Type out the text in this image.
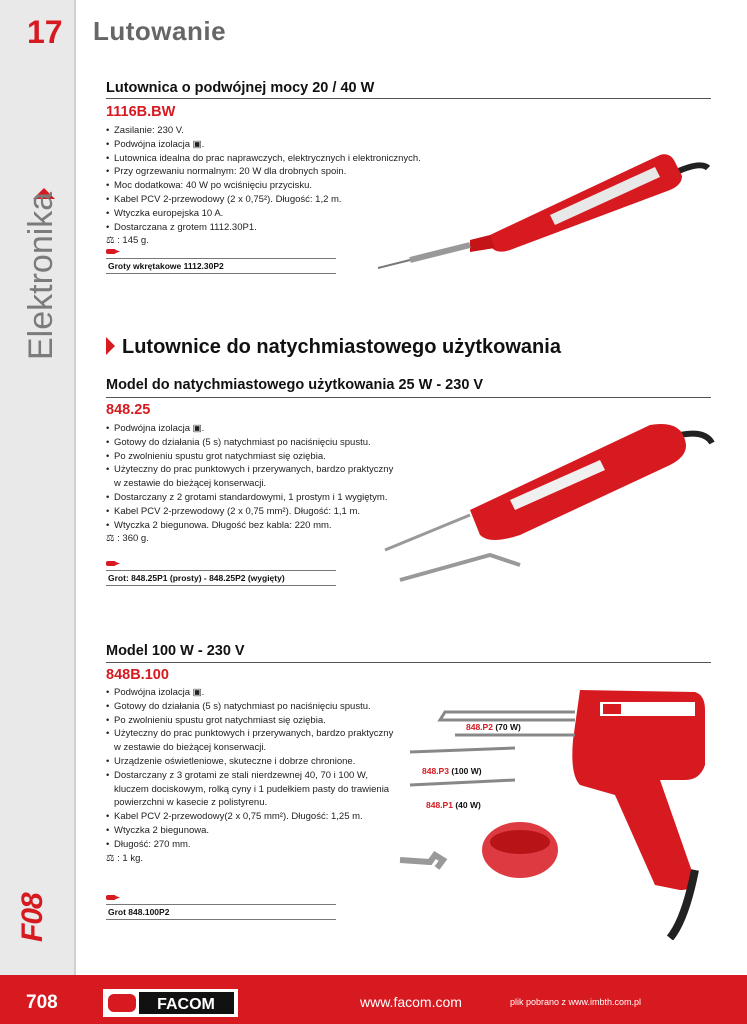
17 Lutowanie
Elektronika
F08
Lutownica o podwójnej mocy 20 / 40 W
1116B.BW
• Zasilanie: 230 V.
• Podwójna izolacja ▣.
• Lutownica idealna do prac naprawczych, elektrycznych i elektronicznych.
• Przy ogrzewaniu normalnym: 20 W dla drobnych spoin.
• Moc dodatkowa: 40 W po wciśnięciu przycisku.
• Kabel PCV 2-przewodowy (2 x 0,75²). Długość: 1,2 m.
• Wtyczka europejska 10 A.
• Dostarczana z grotem 1112.30P1.
⚖ : 145 g.
Groty wkrętakowe 1112.30P2
Lutownice do natychmiastowego użytkowania
Model do natychmiastowego użytkowania 25 W - 230 V
848.25
• Podwójna izolacja ▣.
• Gotowy do działania (5 s) natychmiast po naciśnięciu spustu.
• Po zwolnieniu spustu grot natychmiast się oziębia.
• Użyteczny do prac punktowych i przerywanych, bardzo praktyczny w zestawie do bieżącej konserwacji.
• Dostarczany z 2 grotami standardowymi, 1 prostym i 1 wygiętym.
• Kabel PCV 2-przewodowy (2 x 0,75 mm²). Długość: 1,1 m.
• Wtyczka 2 biegunowa. Długość bez kabla: 220 mm.
⚖ : 360 g.
Grot: 848.25P1 (prosty) - 848.25P2 (wygięty)
Model 100 W - 230 V
848B.100
• Podwójna izolacja ▣.
• Gotowy do działania (5 s) natychmiast po naciśnięciu spustu.
• Po zwolnieniu spustu grot natychmiast się oziębia.
• Użyteczny do prac punktowych i przerywanych, bardzo praktyczny w zestawie do bieżącej konserwacji.
• Urządzenie oświetleniowe, skuteczne i dobrze chronione.
• Dostarczany z 3 grotami ze stali nierdzewnej 40, 70 i 100 W, kluczem dociskowym, rolką cyny i 1 pudełkiem pasty do trawienia powierzchni w kasecie z polistyrenu.
• Kabel PCV 2-przewodowy(2 x 0,75 mm²). Długość: 1,25 m.
• Wtyczka 2 biegunowa.
• Długość: 270 mm.
⚖ : 1 kg.
Grot 848.100P2
848.P2 (70 W)
848.P3 (100 W)
848.P1 (40 W)
708	FACOM	www.facom.com	plik pobrano z www.imbth.com.pl
